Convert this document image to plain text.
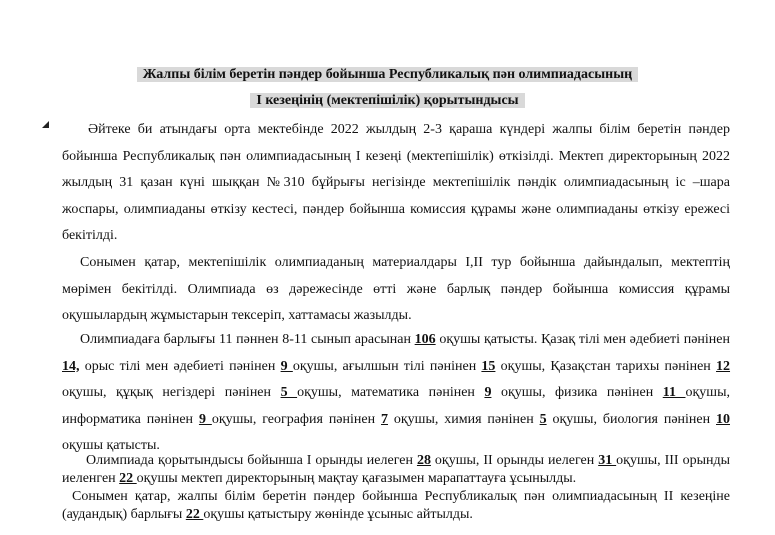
Жалпы білім беретін пәндер бойынша Республикалық пән олимпиадасының
І кезеңінің (мектепішілік) қорытындысы

Әйтеке би атындағы орта мектебінде 2022 жылдың 2-3 қараша күндері жалпы білім беретін пәндер бойынша Республикалық пән олимпиадасының І кезеңі (мектепішілік) өткізілді. Мектеп директорының 2022 жылдың 31 қазан күні шыққан №310 бұйрығы негізінде мектепішілік пәндік олимпиадасының іс –шара жоспары, олимпиаданы өткізу кестесі, пәндер бойынша комиссия құрамы және олимпиаданы өткізу ережесі бекітілді.

Сонымен қатар, мектепішілік олимпиаданың материалдары І,ІІ тур бойынша дайындалып, мектептің мөрімен бекітілді. Олимпиада өз дәрежесінде өтті және барлық пәндер бойынша комиссия құрамы оқушылардың жұмыстарын тексеріп, хаттамасы жазылды.

Олимпиадаға барлығы 11 пәннен 8-11 сынып арасынан 106 оқушы қатысты. Қазақ тілі мен әдебиеті пәнінен 14, орыс тілі мен әдебиеті пәнінен 9 оқушы, ағылшын тілі пәнінен 15 оқушы, Қазақстан тарихы пәнінен 12 оқушы, құқық негіздері пәнінен 5 оқушы, математика пәнінен 9 оқушы, физика пәнінен 11 оқушы, информатика пәнінен 9 оқушы, география пәнінен 7 оқушы, химия пәнінен 5 оқушы, биология пәнінен 10 оқушы қатысты.

Олимпиада қорытындысы бойынша І орынды иелеген 28 оқушы, ІІ орынды иелеген 31 оқушы, ІІІ орынды иеленген 22 оқушы мектеп директорының мақтау қағазымен марапаттауға ұсынылды.

Сонымен қатар, жалпы білім беретін пәндер бойынша Республикалық пән олимпиадасының ІІ кезеңіне (аудандық) барлығы 22 оқушы қатыстыру жөнінде ұсыныс айтылды.
